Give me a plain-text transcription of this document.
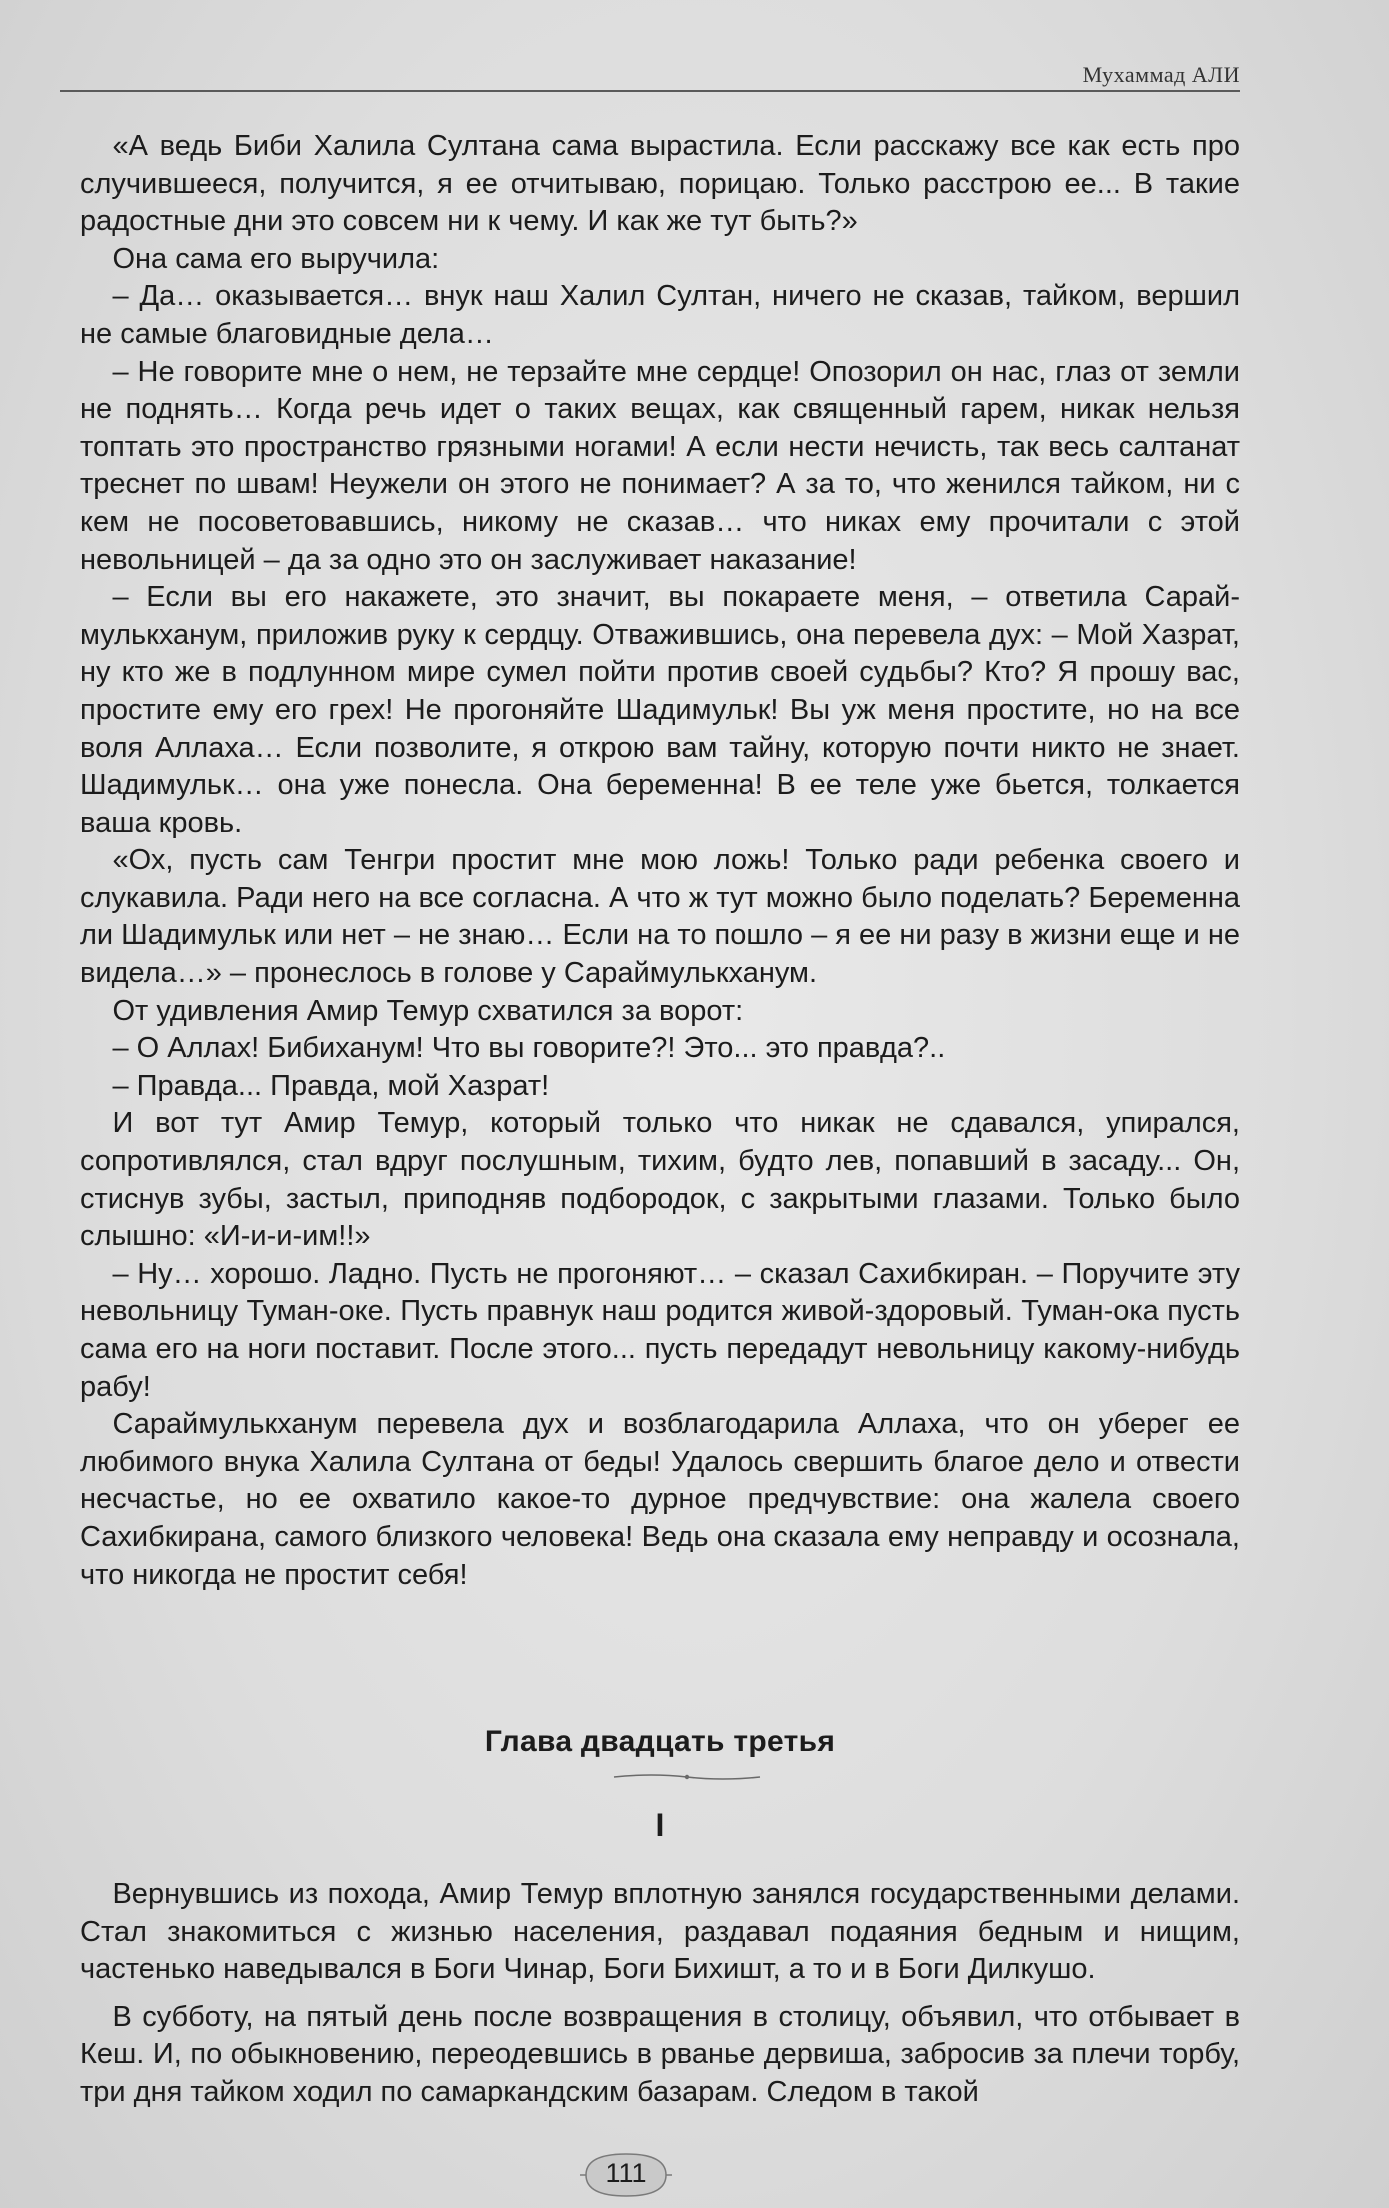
Мухаммад АЛИ

«А ведь Биби Халила Султана сама вырастила. Если расскажу все как есть про случившееся, получится, я ее отчитываю, порицаю. Только расстрою ее... В такие радостные дни это совсем ни к чему. И как же тут быть?»

Она сама его выручила:

– Да… оказывается… внук наш Халил Султан, ничего не сказав, тайком, вершил не самые благовидные дела…

– Не говорите мне о нем, не терзайте мне сердце! Опозорил он нас, глаз от земли не поднять… Когда речь идет о таких вещах, как священный гарем, никак нельзя топтать это пространство грязными ногами! А если нести нечисть, так весь салтанат треснет по швам! Неужели он этого не понимает? А за то, что женился тайком, ни с кем не посоветовавшись, никому не сказав… что никах ему прочитали с этой невольницей – да за одно это он заслуживает наказание!

– Если вы его накажете, это значит, вы покараете меня, – ответила Сараймулькханум, приложив руку к сердцу. Отважившись, она перевела дух: – Мой Хазрат, ну кто же в подлунном мире сумел пойти против своей судьбы? Кто? Я прошу вас, простите ему его грех! Не прогоняйте Шадимульк! Вы уж меня простите, но на все воля Аллаха… Если позволите, я открою вам тайну, которую почти никто не знает. Шадимульк… она уже понесла. Она беременна! В ее теле уже бьется, толкается ваша кровь.

«Ох, пусть сам Тенгри простит мне мою ложь! Только ради ребенка своего и слукавила. Ради него на все согласна. А что ж тут можно было поделать? Беременна ли Шадимульк или нет – не знаю… Если на то пошло – я ее ни разу в жизни еще и не видела…» – пронеслось в голове у Сараймулькханум.

От удивления Амир Темур схватился за ворот:

– О Аллах! Бибиханум! Что вы говорите?! Это... это правда?..

– Правда... Правда, мой Хазрат!

И вот тут Амир Темур, который только что никак не сдавался, упирался, сопротивлялся, стал вдруг послушным, тихим, будто лев, попавший в засаду... Он, стиснув зубы, застыл, приподняв подбородок, с закрытыми глазами. Только было слышно: «И-и-и-им!!»

– Ну… хорошо. Ладно. Пусть не прогоняют… – сказал Сахибкиран. – Поручите эту невольницу Туман-оке. Пусть правнук наш родится живой-здоровый. Туман-ока пусть сама его на ноги поставит. После этого... пусть передадут невольницу какому-нибудь рабу!

Сараймулькханум перевела дух и возблагодарила Аллаха, что он уберег ее любимого внука Халила Султана от беды! Удалось свершить благое дело и отвести несчастье, но ее охватило какое-то дурное предчувствие: она жалела своего Сахибкирана, самого близкого человека! Ведь она сказала ему неправду и осознала, что никогда не простит себя!

Глава двадцать третья
I

Вернувшись из похода, Амир Темур вплотную занялся государственными делами. Стал знакомиться с жизнью населения, раздавал подаяния бедным и нищим, частенько наведывался в Боги Чинар, Боги Бихишт, а то и в Боги Дилкушо.

В субботу, на пятый день после возвращения в столицу, объявил, что отбывает в Кеш. И, по обыкновению, переодевшись в рванье дервиша, забросив за плечи торбу, три дня тайком ходил по самаркандским базарам. Следом в такой

111
